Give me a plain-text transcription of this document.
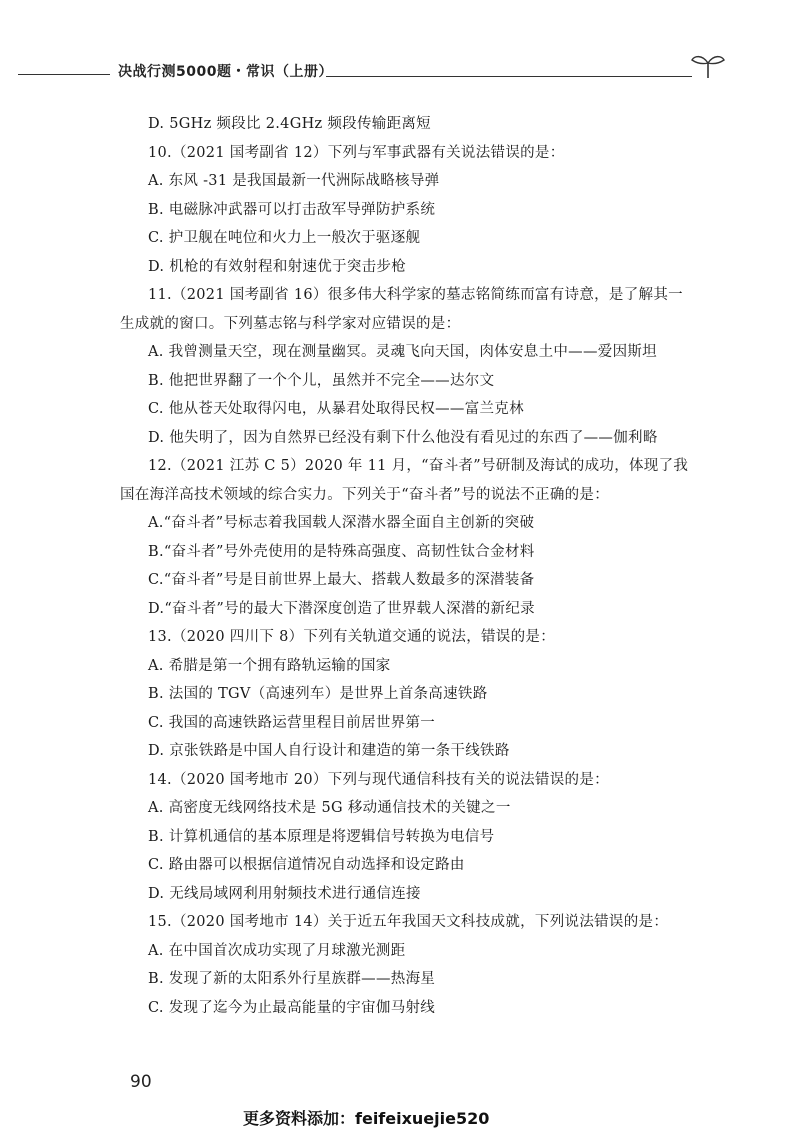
决战行测5000题・常识（上册）
D. 5GHz 频段比 2.4GHz 频段传输距离短
10.（2021 国考副省 12）下列与军事武器有关说法错误的是：
A. 东风 -31 是我国最新一代洲际战略核导弹
B. 电磁脉冲武器可以打击敌军导弹防护系统
C. 护卫舰在吨位和火力上一般次于驱逐舰
D. 机枪的有效射程和射速优于突击步枪
11.（2021 国考副省 16）很多伟大科学家的墓志铭简练而富有诗意，是了解其一
生成就的窗口。下列墓志铭与科学家对应错误的是：
A. 我曾测量天空，现在测量幽冥。灵魂飞向天国，肉体安息土中——爱因斯坦
B. 他把世界翻了一个个儿，虽然并不完全——达尔文
C. 他从苍天处取得闪电，从暴君处取得民权——富兰克林
D. 他失明了，因为自然界已经没有剩下什么他没有看见过的东西了——伽利略
12.（2021 江苏 C 5）2020 年 11 月，“奋斗者”号研制及海试的成功，体现了我
国在海洋高技术领域的综合实力。下列关于“奋斗者”号的说法不正确的是：
A.“奋斗者”号标志着我国载人深潜水器全面自主创新的突破
B.“奋斗者”号外壳使用的是特殊高强度、高韧性钛合金材料
C.“奋斗者”号是目前世界上最大、搭载人数最多的深潜装备
D.“奋斗者”号的最大下潜深度创造了世界载人深潜的新纪录
13.（2020 四川下 8）下列有关轨道交通的说法，错误的是：
A. 希腊是第一个拥有路轨运输的国家
B. 法国的 TGV（高速列车）是世界上首条高速铁路
C. 我国的高速铁路运营里程目前居世界第一
D. 京张铁路是中国人自行设计和建造的第一条干线铁路
14.（2020 国考地市 20）下列与现代通信科技有关的说法错误的是：
A. 高密度无线网络技术是 5G 移动通信技术的关键之一
B. 计算机通信的基本原理是将逻辑信号转换为电信号
C. 路由器可以根据信道情况自动选择和设定路由
D. 无线局域网利用射频技术进行通信连接
15.（2020 国考地市 14）关于近五年我国天文科技成就，下列说法错误的是：
A. 在中国首次成功实现了月球激光测距
B. 发现了新的太阳系外行星族群——热海星
C. 发现了迄今为止最高能量的宇宙伽马射线
90
更多资料添加：feifeixuejie520
